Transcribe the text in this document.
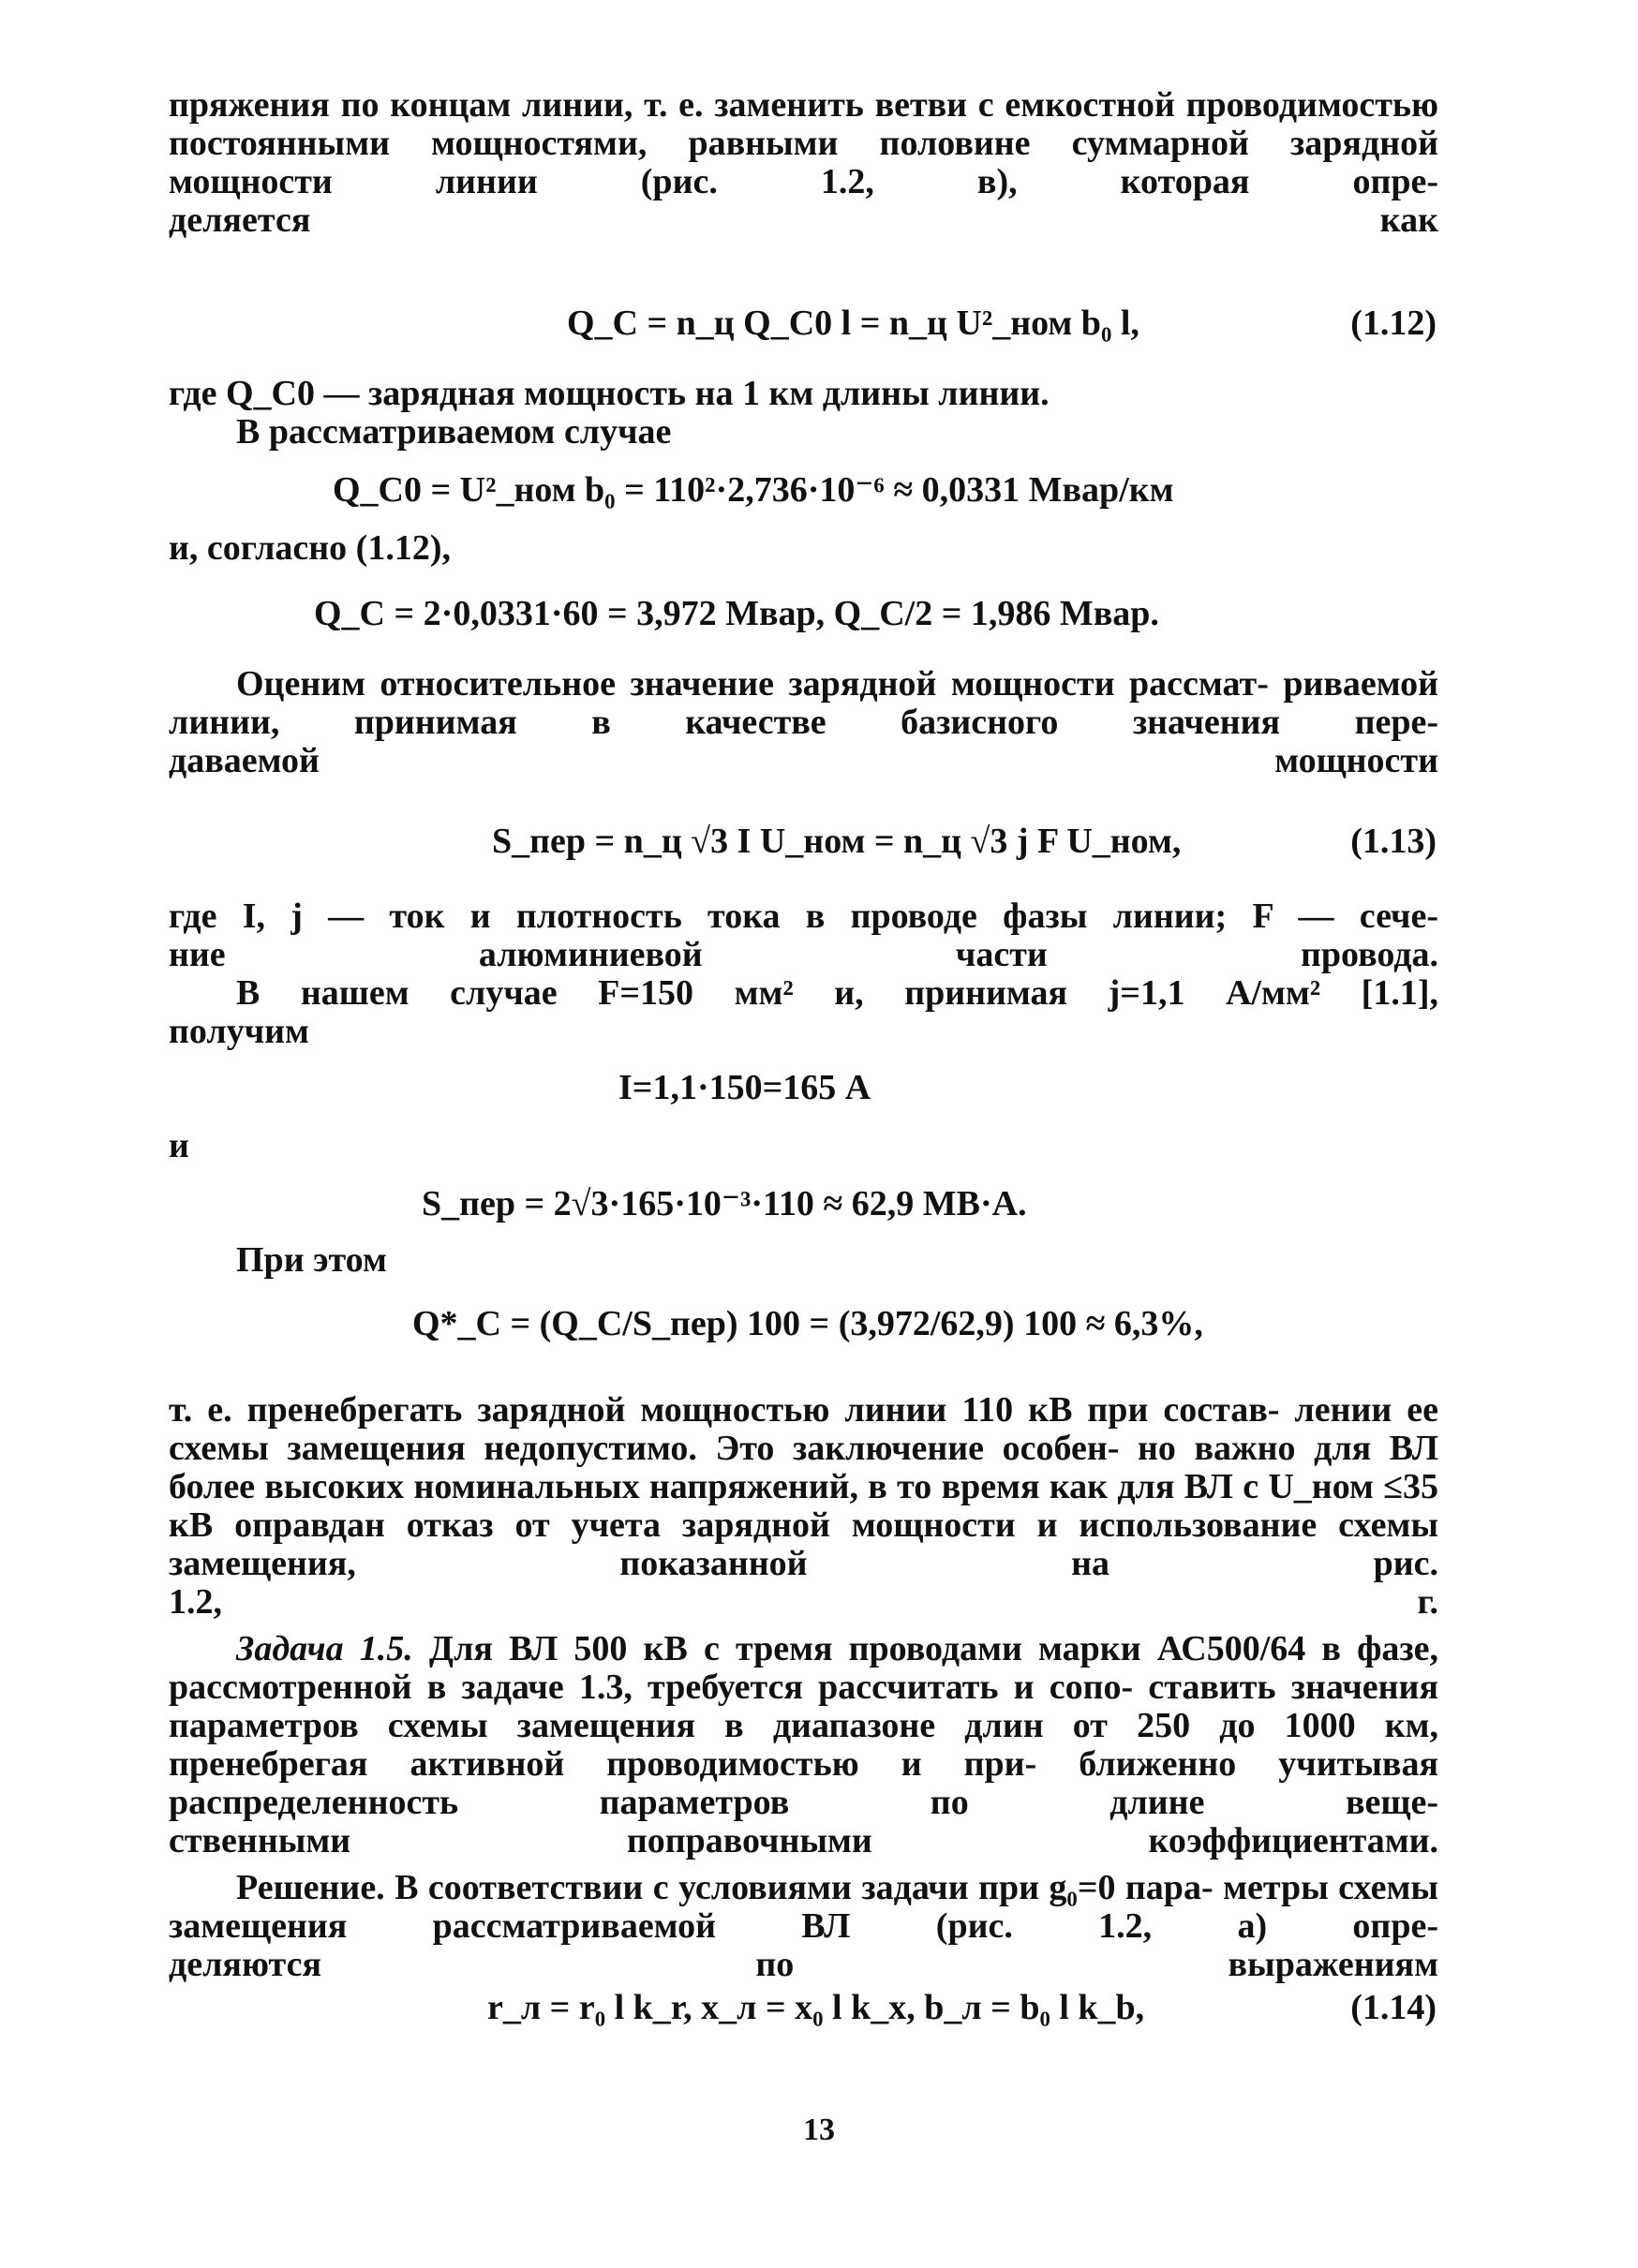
пряжения по концам линии, т. е. заменить ветви с емкостной проводимостью постоянными мощностями, равными половине суммарной зарядной мощности линии (рис. 1.2, в), которая опре-
деляется как
Q_C = n_ц Q_C0 l = n_ц U²_ном b₀ l,	(1.12)
где Q_C0 — зарядная мощность на 1 км длины линии.
В рассматриваемом случае
Q_C0 = U²_ном b₀ = 110²·2,736·10⁻⁶ ≈ 0,0331 Мвар/км
и, согласно (1.12),
Q_C = 2·0,0331·60 = 3,972 Мвар, Q_C/2 = 1,986 Мвар.
Оценим относительное значение зарядной мощности рассмат- риваемой линии, принимая в качестве базисного значения пере-
даваемой мощности
S_пер = n_ц √3 I U_ном = n_ц √3 j F U_ном,	(1.13)
где I, j — ток и плотность тока в проводе фазы линии; F — сече-
ние алюминиевой части провода.
В нашем случае F=150 мм² и, принимая j=1,1 А/мм² [1.1],
получим
I=1,1·150=165 А
и
S_пер = 2√3·165·10⁻³·110 ≈ 62,9 МВ·А.
При этом
Q*_C = (Q_C/S_пер) 100 = (3,972/62,9) 100 ≈ 6,3%,
т. е. пренебрегать зарядной мощностью линии 110 кВ при состав- лении ее схемы замещения недопустимо. Это заключение особен- но важно для ВЛ более высоких номинальных напряжений, в то время как для ВЛ с U_ном ≤35 кВ оправдан отказ от учета зарядной мощности и использование схемы замещения, показанной на рис.
1.2, г.
Задача 1.5. Для ВЛ 500 кВ с тремя проводами марки АС500/64 в фазе, рассмотренной в задаче 1.3, требуется рассчитать и сопо- ставить значения параметров схемы замещения в диапазоне длин от 250 до 1000 км, пренебрегая активной проводимостью и при- ближенно учитывая распределенность параметров по длине веще-
ственными поправочными коэффициентами.
Решение. В соответствии с условиями задачи при g₀=0 пара- метры схемы замещения рассматриваемой ВЛ (рис. 1.2, а) опре-
деляются по выражениям
r_л = r₀ l k_r, x_л = x₀ l k_x, b_л = b₀ l k_b,	(1.14)
13
